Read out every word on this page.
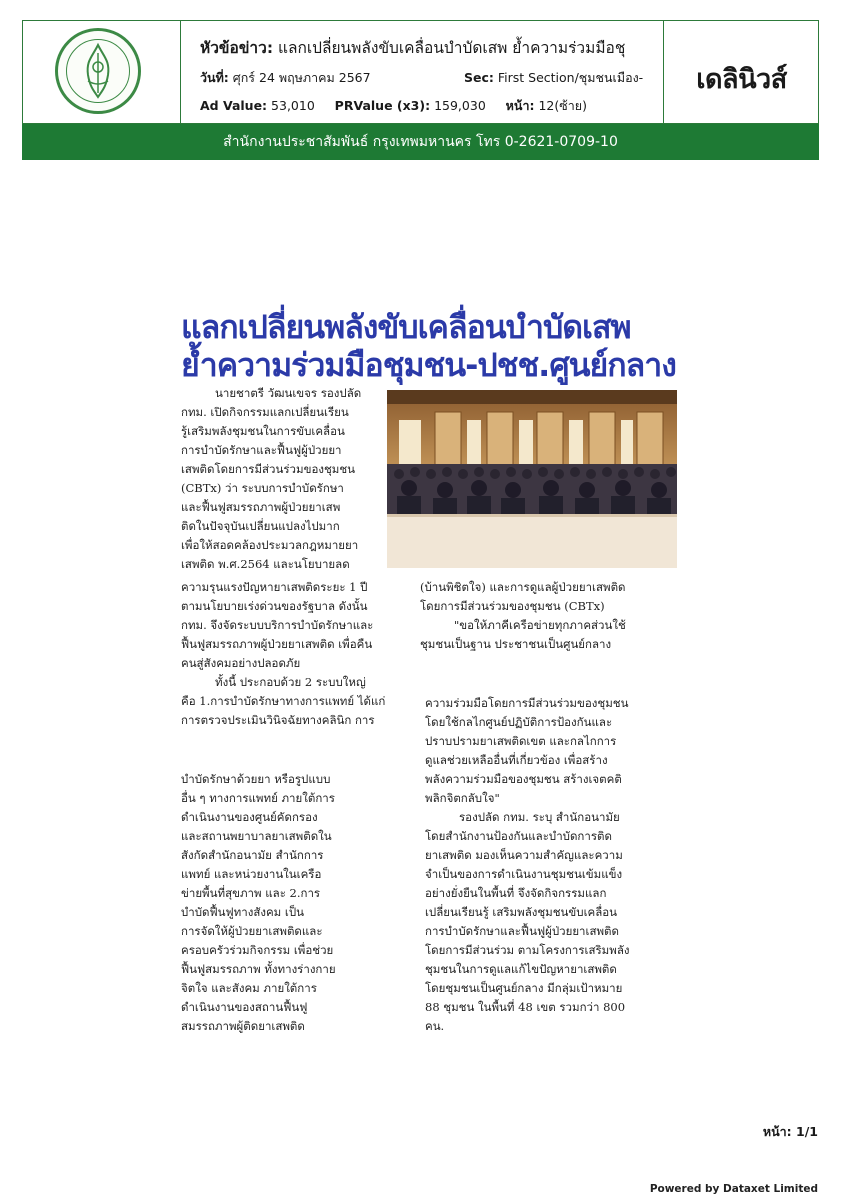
หัวข้อข่าว: แลกเปลี่ยนพลังขับเคลื่อนบำบัดเสพ ย้ำความร่วมมือชุ
วันที่: ศุกร์ 24 พฤษภาคม 2567	Sec: First Section/ชุมชนเมือง-
Ad Value: 53,010 PRValue (x3): 159,030 หน้า: 12(ซ้าย)
เดลินิวส์
สำนักงานประชาสัมพันธ์ กรุงเทพมหานคร โทร 0-2621-0709-10
แลกเปลี่ยนพลังขับเคลื่อนบำบัดเสพ
ย้ำความร่วมมือชุมชน-ปชช.ศูนย์กลาง

นายชาตรี วัฒนเขจร รองปลัด

กทม. เปิดกิจกรรมแลกเปลี่ยนเรียน

รู้เสริมพลังชุมชนในการขับเคลื่อน

การบำบัดรักษาและฟื้นฟูผู้ป่วยยา

เสพติดโดยการมีส่วนร่วมของชุมชน

(CBTx) ว่า ระบบการบำบัดรักษา

และฟื้นฟูสมรรถภาพผู้ป่วยยาเสพ

ติดในปัจจุบันเปลี่ยนแปลงไปมาก

เพื่อให้สอดคล้องประมวลกฎหมายยา

เสพติด พ.ศ.2564 และนโยบายลด

ความรุนแรงปัญหายาเสพติดระยะ 1 ปี

ตามนโยบายเร่งด่วนของรัฐบาล ดังนั้น

กทม. จึงจัดระบบบริการบำบัดรักษาและ

ฟื้นฟูสมรรถภาพผู้ป่วยยาเสพติด เพื่อคืน

คนสู่สังคมอย่างปลอดภัย

ทั้งนี้ ประกอบด้วย 2 ระบบใหญ่

คือ 1.การบำบัดรักษาทางการแพทย์ ได้แก่

การตรวจประเมินวินิจฉัยทางคลินิก การ

บำบัดรักษาด้วยยา หรือรูปแบบ

อื่น ๆ ทางการแพทย์ ภายใต้การ

ดำเนินงานของศูนย์คัดกรอง

และสถานพยาบาลยาเสพติดใน

สังกัดสำนักอนามัย สำนักการ

แพทย์ และหน่วยงานในเครือ

ข่ายพื้นที่สุขภาพ และ 2.การ

บำบัดฟื้นฟูทางสังคม เป็น

การจัดให้ผู้ป่วยยาเสพติดและ

ครอบครัวร่วมกิจกรรม เพื่อช่วย

ฟื้นฟูสมรรถภาพ ทั้งทางร่างกาย

จิตใจ และสังคม ภายใต้การ

ดำเนินงานของสถานฟื้นฟู

สมรรถภาพผู้ติดยาเสพติด

(บ้านพิชิตใจ) และการดูแลผู้ป่วยยาเสพติด

โดยการมีส่วนร่วมของชุมชน (CBTx)

"ขอให้ภาคีเครือข่ายทุกภาคส่วนใช้

ชุมชนเป็นฐาน ประชาชนเป็นศูนย์กลาง

ความร่วมมือโดยการมีส่วนร่วมของชุมชน

โดยใช้กลไกศูนย์ปฏิบัติการป้องกันและ

ปราบปรามยาเสพติดเขต และกลไกการ

ดูแลช่วยเหลืออื่นที่เกี่ยวข้อง เพื่อสร้าง

พลังความร่วมมือของชุมชน สร้างเจตคติ

พลิกจิตกลับใจ"

รองปลัด กทม. ระบุ สำนักอนามัย

โดยสำนักงานป้องกันและบำบัดการติด

ยาเสพติด มองเห็นความสำคัญและความ

จำเป็นของการดำเนินงานชุมชนเข้มแข็ง

อย่างยั่งยืนในพื้นที่ จึงจัดกิจกรรมแลก

เปลี่ยนเรียนรู้ เสริมพลังชุมชนขับเคลื่อน

การบำบัดรักษาและฟื้นฟูผู้ป่วยยาเสพติด

โดยการมีส่วนร่วม ตามโครงการเสริมพลัง

ชุมชนในการดูแลแก้ไขปัญหายาเสพติด

โดยชุมชนเป็นศูนย์กลาง มีกลุ่มเป้าหมาย

88 ชุมชน ในพื้นที่ 48 เขต รวมกว่า 800

คน.

หน้า: 1/1
Powered by Dataxet Limited
